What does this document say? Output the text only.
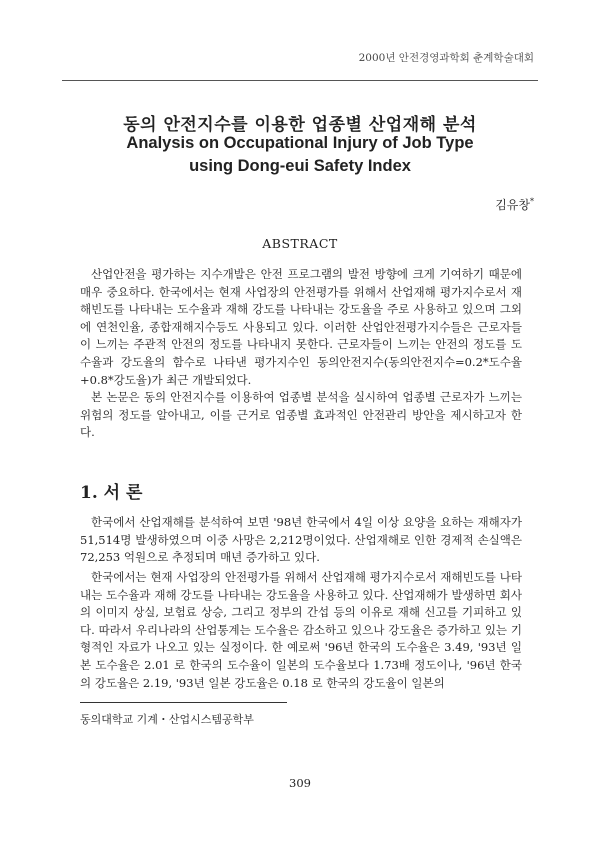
2000년 안전경영과학회 춘계학술대회
동의 안전지수를 이용한 업종별 산업재해 분석
Analysis on Occupational Injury of Job Type
using Dong-eui Safety Index
김유창*
ABSTRACT

산업안전을 평가하는 지수개발은 안전 프로그램의 발전 방향에 크게 기여하기 때문에 매우 중요하다. 한국에서는 현재 사업장의 안전평가를 위해서 산업재해 평가지수로서 재해빈도를 나타내는 도수율과 재해 강도를 나타내는 강도율을 주로 사용하고 있으며 그외에 연천인율, 종합재해지수등도 사용되고 있다. 이러한 산업안전평가지수들은 근로자들이 느끼는 주관적 안전의 정도를 나타내지 못한다. 근로자들이 느끼는 안전의 정도를 도수율과 강도율의 함수로 나타낸 평가지수인 동의안전지수(동의안전지수=0.2*도수율+0.8*강도율)가 최근 개발되었다.

본 논문은 동의 안전지수를 이용하여 업종별 분석을 실시하여 업종별 근로자가 느끼는 위험의 정도를 알아내고, 이를 근거로 업종별 효과적인 안전관리 방안을 제시하고자 한다.

1. 서 론

한국에서 산업재해를 분석하여 보면 '98년 한국에서 4일 이상 요양을 요하는 재해자가 51,514명 발생하였으며 이중 사망은 2,212명이었다. 산업재해로 인한 경제적 손실액은 72,253 억원으로 추정되며 매년 증가하고 있다.

한국에서는 현재 사업장의 안전평가를 위해서 산업재해 평가지수로서 재해빈도를 나타내는 도수율과 재해 강도를 나타내는 강도율을 사용하고 있다. 산업재해가 발생하면 회사의 이미지 상실, 보험료 상승, 그리고 정부의 간섭 등의 이유로 재해 신고를 기피하고 있다. 따라서 우리나라의 산업통계는 도수율은 감소하고 있으나 강도율은 증가하고 있는 기형적인 자료가 나오고 있는 실정이다. 한 예로써 '96년 한국의 도수율은 3.49, '93년 일본 도수율은 2.01 로 한국의 도수율이 일본의 도수율보다 1.73배 정도이나, '96년 한국의 강도율은 2.19, '93년 일본 강도율은 0.18 로 한국의 강도율이 일본의

동의대학교 기계・산업시스템공학부
309
